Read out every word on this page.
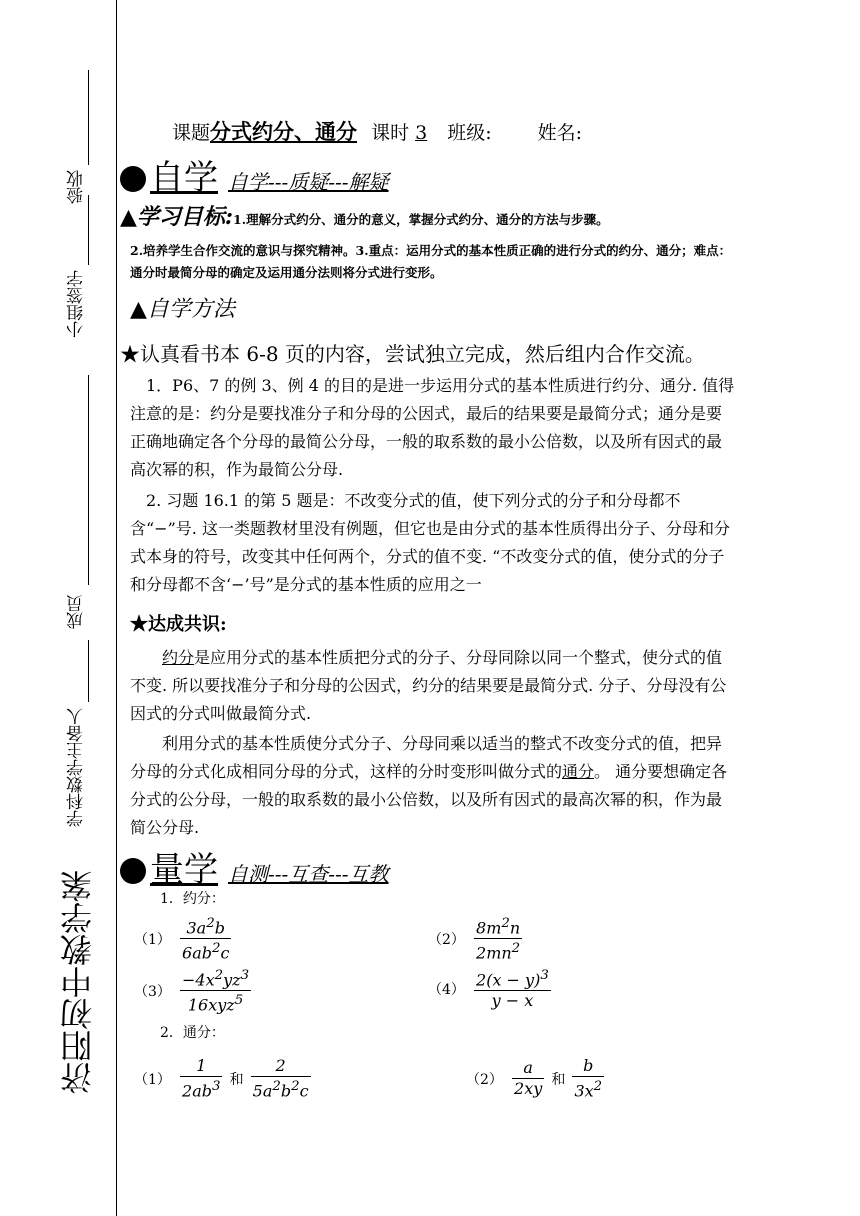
验收
小组签字
成员
学科数学主备人
济阳初中教学案
课题分式约分、通分 课时 3 班级: 姓名:
自学 自学---质疑---解疑
▲学习目标:1.理解分式约分、通分的意义，掌握分式约分、通分的方法与步骤。
2.培养学生合作交流的意识与探究精神。3.重点：运用分式的基本性质正确的进行分式的约分、通分；难点：通分时最简分母的确定及运用通分法则将分式进行变形。
▲自学方法
★认真看书本 6-8 页的内容，尝试独立完成，然后组内合作交流。
1．P6、7 的例 3、例 4 的目的是进一步运用分式的基本性质进行约分、通分. 值得注意的是：约分是要找准分子和分母的公因式，最后的结果要是最简分式；通分是要正确地确定各个分母的最简公分母，一般的取系数的最小公倍数，以及所有因式的最高次幂的积，作为最简公分母.
2. 习题 16.1 的第 5 题是：不改变分式的值，使下列分式的分子和分母都不含“−”号. 这一类题教材里没有例题，但它也是由分式的基本性质得出分子、分母和分式本身的符号，改变其中任何两个，分式的值不变. “不改变分式的值，使分式的分子和分母都不含‘−’号”是分式的基本性质的应用之一
★达成共识:
约分是应用分式的基本性质把分式的分子、分母同除以同一个整式，使分式的值不变. 所以要找准分子和分母的公因式，约分的结果要是最简分式. 分子、分母没有公因式的分式叫做最简分式.
利用分式的基本性质使分式分子、分母同乘以适当的整式不改变分式的值，把异分母的分式化成相同分母的分式，这样的分时变形叫做分式的通分。 通分要想确定各分式的公分母，一般的取系数的最小公倍数，以及所有因式的最高次幂的积，作为最简公分母.
量学 自测---互查---互教
1．约分：
$(1) \frac{3a^2b}{6ab^2c}$	$(2) \frac{8m^2n}{2mn^2}$
$(3) \frac{-4x^2yz^3}{16xyz^5}$	$(4) \frac{2(x - y)^3}{y - x}$
2．通分：
$(1) \frac{1}{2ab^3}$ 和 $\frac{2}{5a^2b^2c}$	$(2) \frac{a}{2xy}$ 和 $\frac{b}{3x^2}$
